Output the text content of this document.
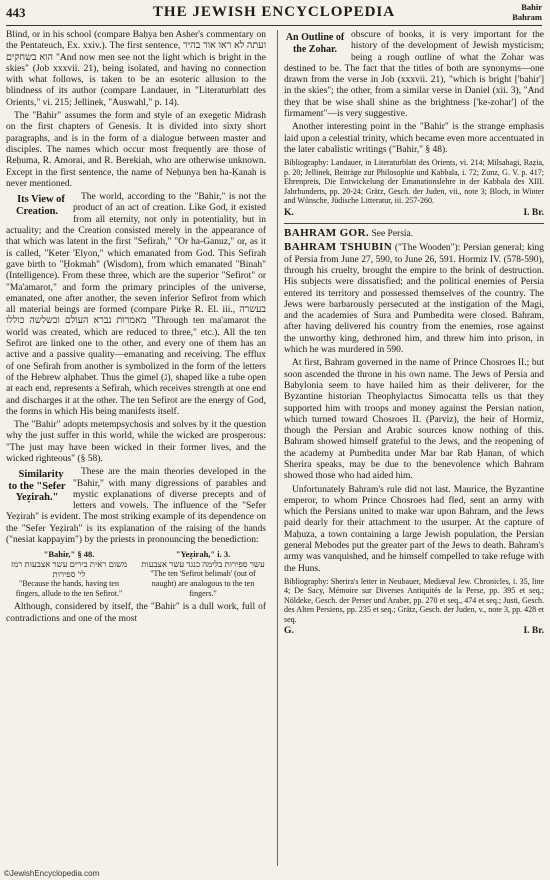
443	THE JEWISH ENCYCLOPEDIA	Bahir
Bahram

Blind, or in his school (compare Baḥya ben Asher's commentary on the Pentateuch, Ex. xxiv.). The first sentence, ועתה לא ראו אור בהיר הוא בשחקים "And now men see not the light which is bright in the skies" (Job xxxvii. 21), being isolated, and having no connection with what follows, is taken to be an esoteric allusion to the blindness of its author (compare Landauer, in "Literaturblatt des Orients," vi. 215; Jellinek, "Auswahl," p. 14).

The "Bahir" assumes the form and style of an exegetic Midrash on the first chapters of Genesis. It is divided into sixty short paragraphs, and is in the form of a dialogue between master and disciples. The names which occur most frequently are those of Reḥuma, R. Amorai, and R. Berekiah, who are otherwise unknown. Except in the first sentence, the name of Neḥunya ben ha-Ḳanah is never mentioned.

Its View of Creation.
The world, according to the "Bahir," is not the product of an act of creation. Like God, it existed from all eternity, not only in potentiality, but in actuality; and the Creation consisted merely in the appearance of that which was latent in the first "Sefirah," "Or ha-Ganuz," or, as it is called, "Keter 'Elyon," which emanated from God. This Sefirah gave birth to "Ḥokmah" (Wisdom), from which emanated "Binah" (Intelligence). From these three, which are the superior "Sefirot" or "Ma'amarot," and form the primary principles of the universe, emanated, one after another, the seven inferior Sefirot from which all material beings are formed (compare Pirḳe R. El. iii., בעשרה מאמרות נברא העולם ובשלשה כוללו "Through ten ma'amarot the world was created, which are reduced to three," etc.). All the ten Sefirot are linked one to the other, and every one of them has an active and a passive quality—emanating and receiving. The efflux of one Sefirah from another is symbolized in the form of the letters of the Hebrew alphabet. Thus the gimel (ג), shaped like a tube open at each end, represents a Sefirah, which receives strength at one end and discharges it at the other. The ten Sefirot are the energy of God, the forms in which His being manifests itself.

The "Bahir" adopts metempsychosis and solves by it the question why the just suffer in this world, while the wicked are prosperous: "The just may have been wicked in their former lives, and the wicked righteous" (§ 58).

Similarity to the "Sefer Yeẓirah."
These are the main theories developed in the "Bahir," with many digressions of parables and mystic explanations of diverse precepts and of letters and vowels. The influence of the "Sefer Yeẓirah" is evident. The most striking example of its dependence on the "Sefer Yeẓirah" is its explanation of the raising of the hands ("nesiat kappayim") by the priests in pronouncing the benediction:

"Bahir," § 48.
משום ראית בירים עשר אצבעות רמז לי' ספירות
"Because the hands, having ten fingers, allude to the ten Sefirot."
"Yeẓirah," i. 3.
עשר ספירות בלימה כנגד עשר אצבעות
"The ten 'Sefirot belimah' (out of naught) are analogous to the ten fingers."

Although, considered by itself, the "Bahir" is a dull work, full of contradictions and one of the most

An Outline of the Zohar.
obscure of books, it is very important for the history of the development of Jewish mysticism; being a rough outline of what the Zohar was destined to be. The fact that the titles of both are synonyms—one drawn from the verse in Job (xxxvii. 21), "which is bright ['bahir'] in the skies"; the other, from a similar verse in Daniel (xii. 3), "And they that be wise shall shine as the brightness ['ke-zohar'] of the firmament"—is very suggestive.

Another interesting point in the "Bahir" is the strange emphasis laid upon a celestial trinity, which became even more accentuated in the later cabalistic writings ("Bahir," § 48).

Bibliography: Landauer, in Literaturblatt des Orients, vi. 214; Milsahagi, Raẓia, p. 20; Jellinek, Beiträge zur Philosophie und Kabbala, i. 72; Zunz, G. V. p. 417; Ehrenpreis, Die Entwickelung der Emanationslehre in der Kabbala des XIII. Jahrhunderts, pp. 20-24; Grätz, Gesch. der Juden, vii., note 3; Bloch, in Winter and Wünsche, Jüdische Litteratur, iii. 257-260.

K.	I. Br.

BAHRAM GOR. See Persia.

BAHRAM TSHUBIN ("The Wooden"): Persian general; king of Persia from June 27, 590, to June 26, 591. Hormiz IV. (578-590), through his cruelty, brought the empire to the brink of destruction. His subjects were dissatisfied; and the political enemies of Persia entered its territory and possessed themselves of the country. The Jews were barbarously persecuted at the instigation of the Magi, and the academies of Sura and Pumbedita were closed. Bahram, after having delivered his country from the enemies, rose against the unworthy king, dethroned him, and threw him into prison, in which he was murdered in 590.

At first, Bahram governed in the name of Prince Chosroes II.; but soon ascended the throne in his own name. The Jews of Persia and Babylonia seem to have hailed him as their deliverer, for the Byzantine historian Theophylactus Simocatta tells us that they supported him with troops and money against the Persian nation, which turned toward Chosroes II. (Parviz), the heir of Hormiz, though the Persian and Arabic sources know nothing of this. Bahram showed himself grateful to the Jews, and the reopening of the academy at Pumbedita under Mar bar Rab Ḥanan, of which Sherira speaks, may be due to the benevolence which Bahram showed those who had aided him.

Unfortunately Bahram's rule did not last. Maurice, the Byzantine emperor, to whom Prince Chosroes had fled, sent an army with which the Persians united to make war upon Bahram, and the Jews paid dearly for their attachment to the usurper. At the capture of Maḥuza, a town containing a large Jewish population, the Persian general Mebodes put the greater part of the Jews to death. Bahram's army was vanquished, and he himself compelled to take refuge with the Huns.

Bibliography: Sherira's letter in Neubauer, Mediæval Jew. Chronicles, i. 35, line 4; De Sacy, Mémoire sur Diverses Antiquités de la Perse, pp. 395 et seq.; Nöldeke, Gesch. der Perser und Araber, pp. 270 et seq., 474 et seq.; Justi, Gesch. des Alten Persiens, pp. 235 et seq.; Grätz, Gesch. der Juden, v., note 3, pp. 428 et seq.

G.	I. Br.
©JewishEncyclopedia.com
